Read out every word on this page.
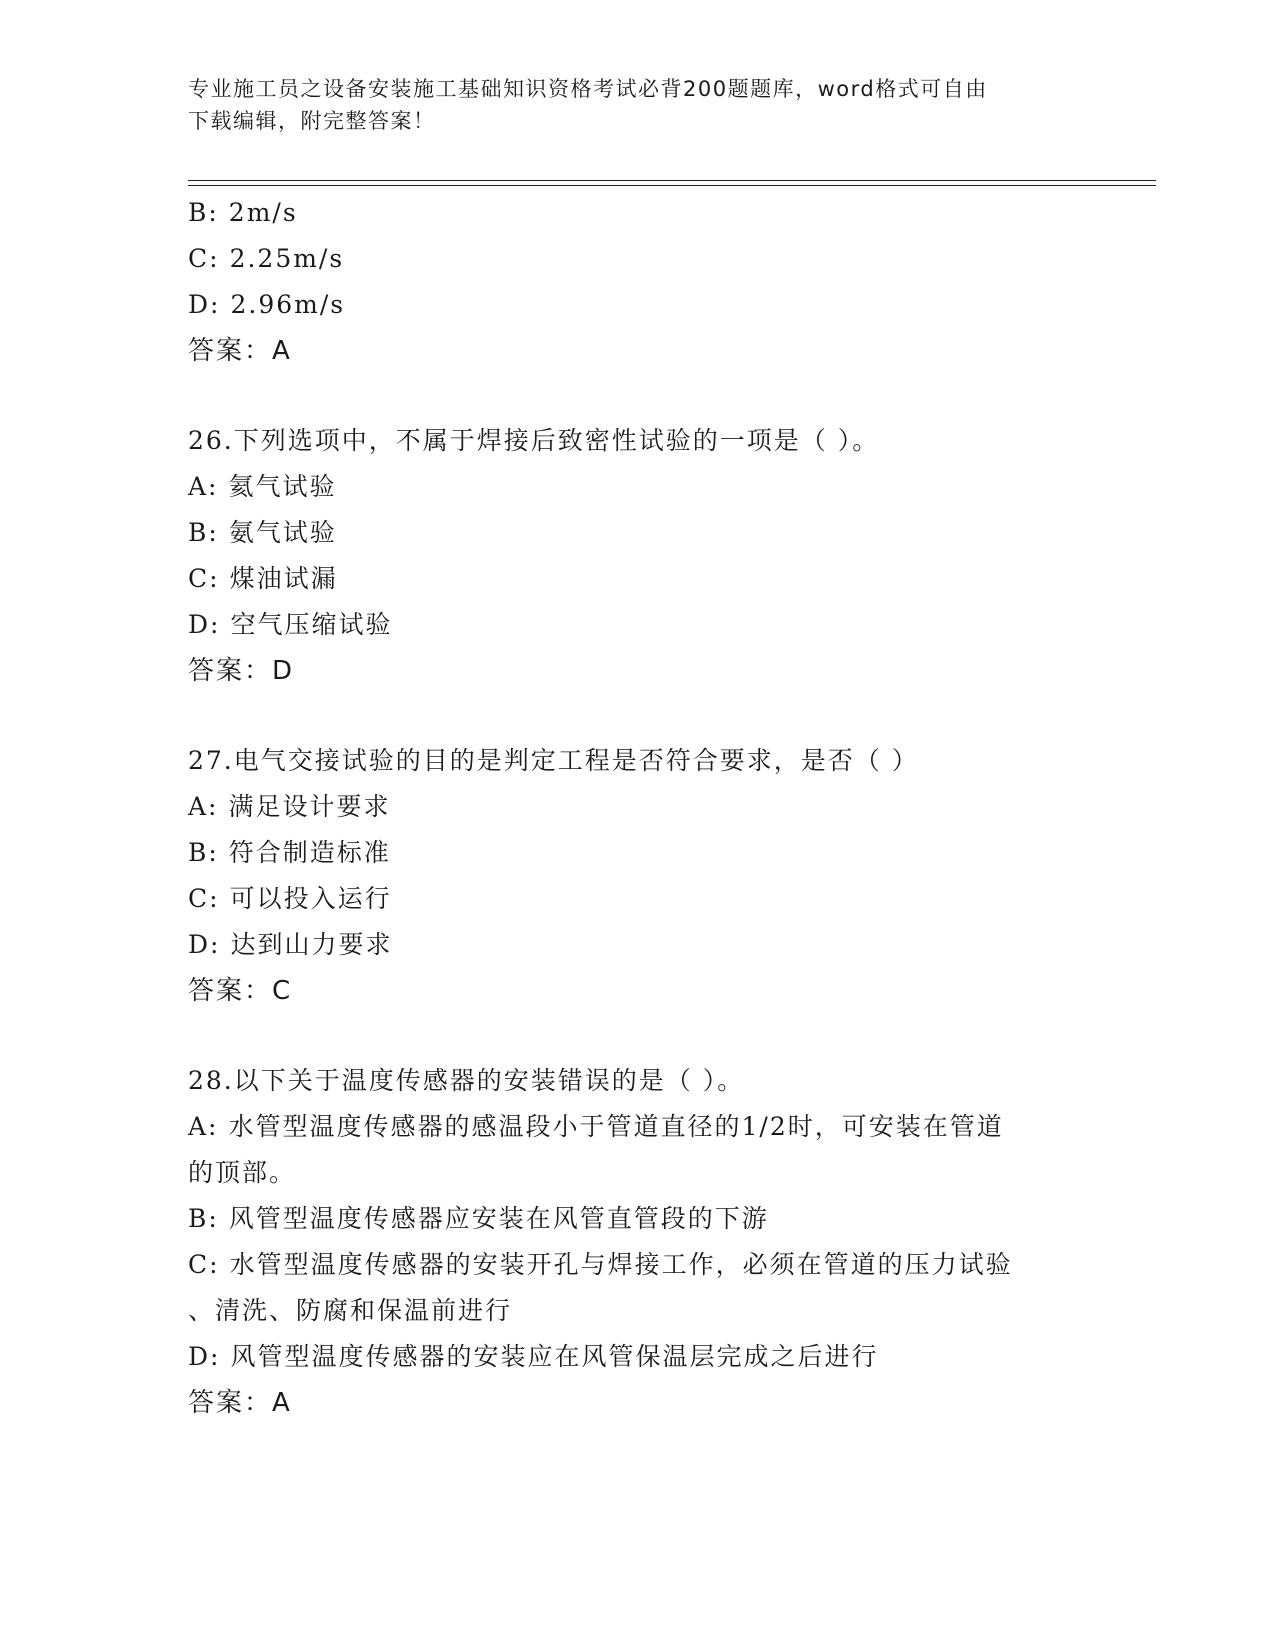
专业施工员之设备安装施工基础知识资格考试必背200题题库，word格式可自由
下载编辑，附完整答案！
B: 2m/s
C: 2.25m/s
D: 2.96m/s
答案：A
26.下列选项中，不属于焊接后致密性试验的一项是（ ）。
A: 氦气试验
B: 氨气试验
C: 煤油试漏
D: 空气压缩试验
答案：D
27.电气交接试验的目的是判定工程是否符合要求，是否（ ）
A: 满足设计要求
B: 符合制造标准
C: 可以投入运行
D: 达到山力要求
答案：C
28.以下关于温度传感器的安装错误的是（ ）。
A: 水管型温度传感器的感温段小于管道直径的1/2时，可安装在管道
的顶部。
B: 风管型温度传感器应安装在风管直管段的下游
C: 水管型温度传感器的安装开孔与焊接工作，必须在管道的压力试验
、清洗、防腐和保温前进行
D: 风管型温度传感器的安装应在风管保温层完成之后进行
答案：A
